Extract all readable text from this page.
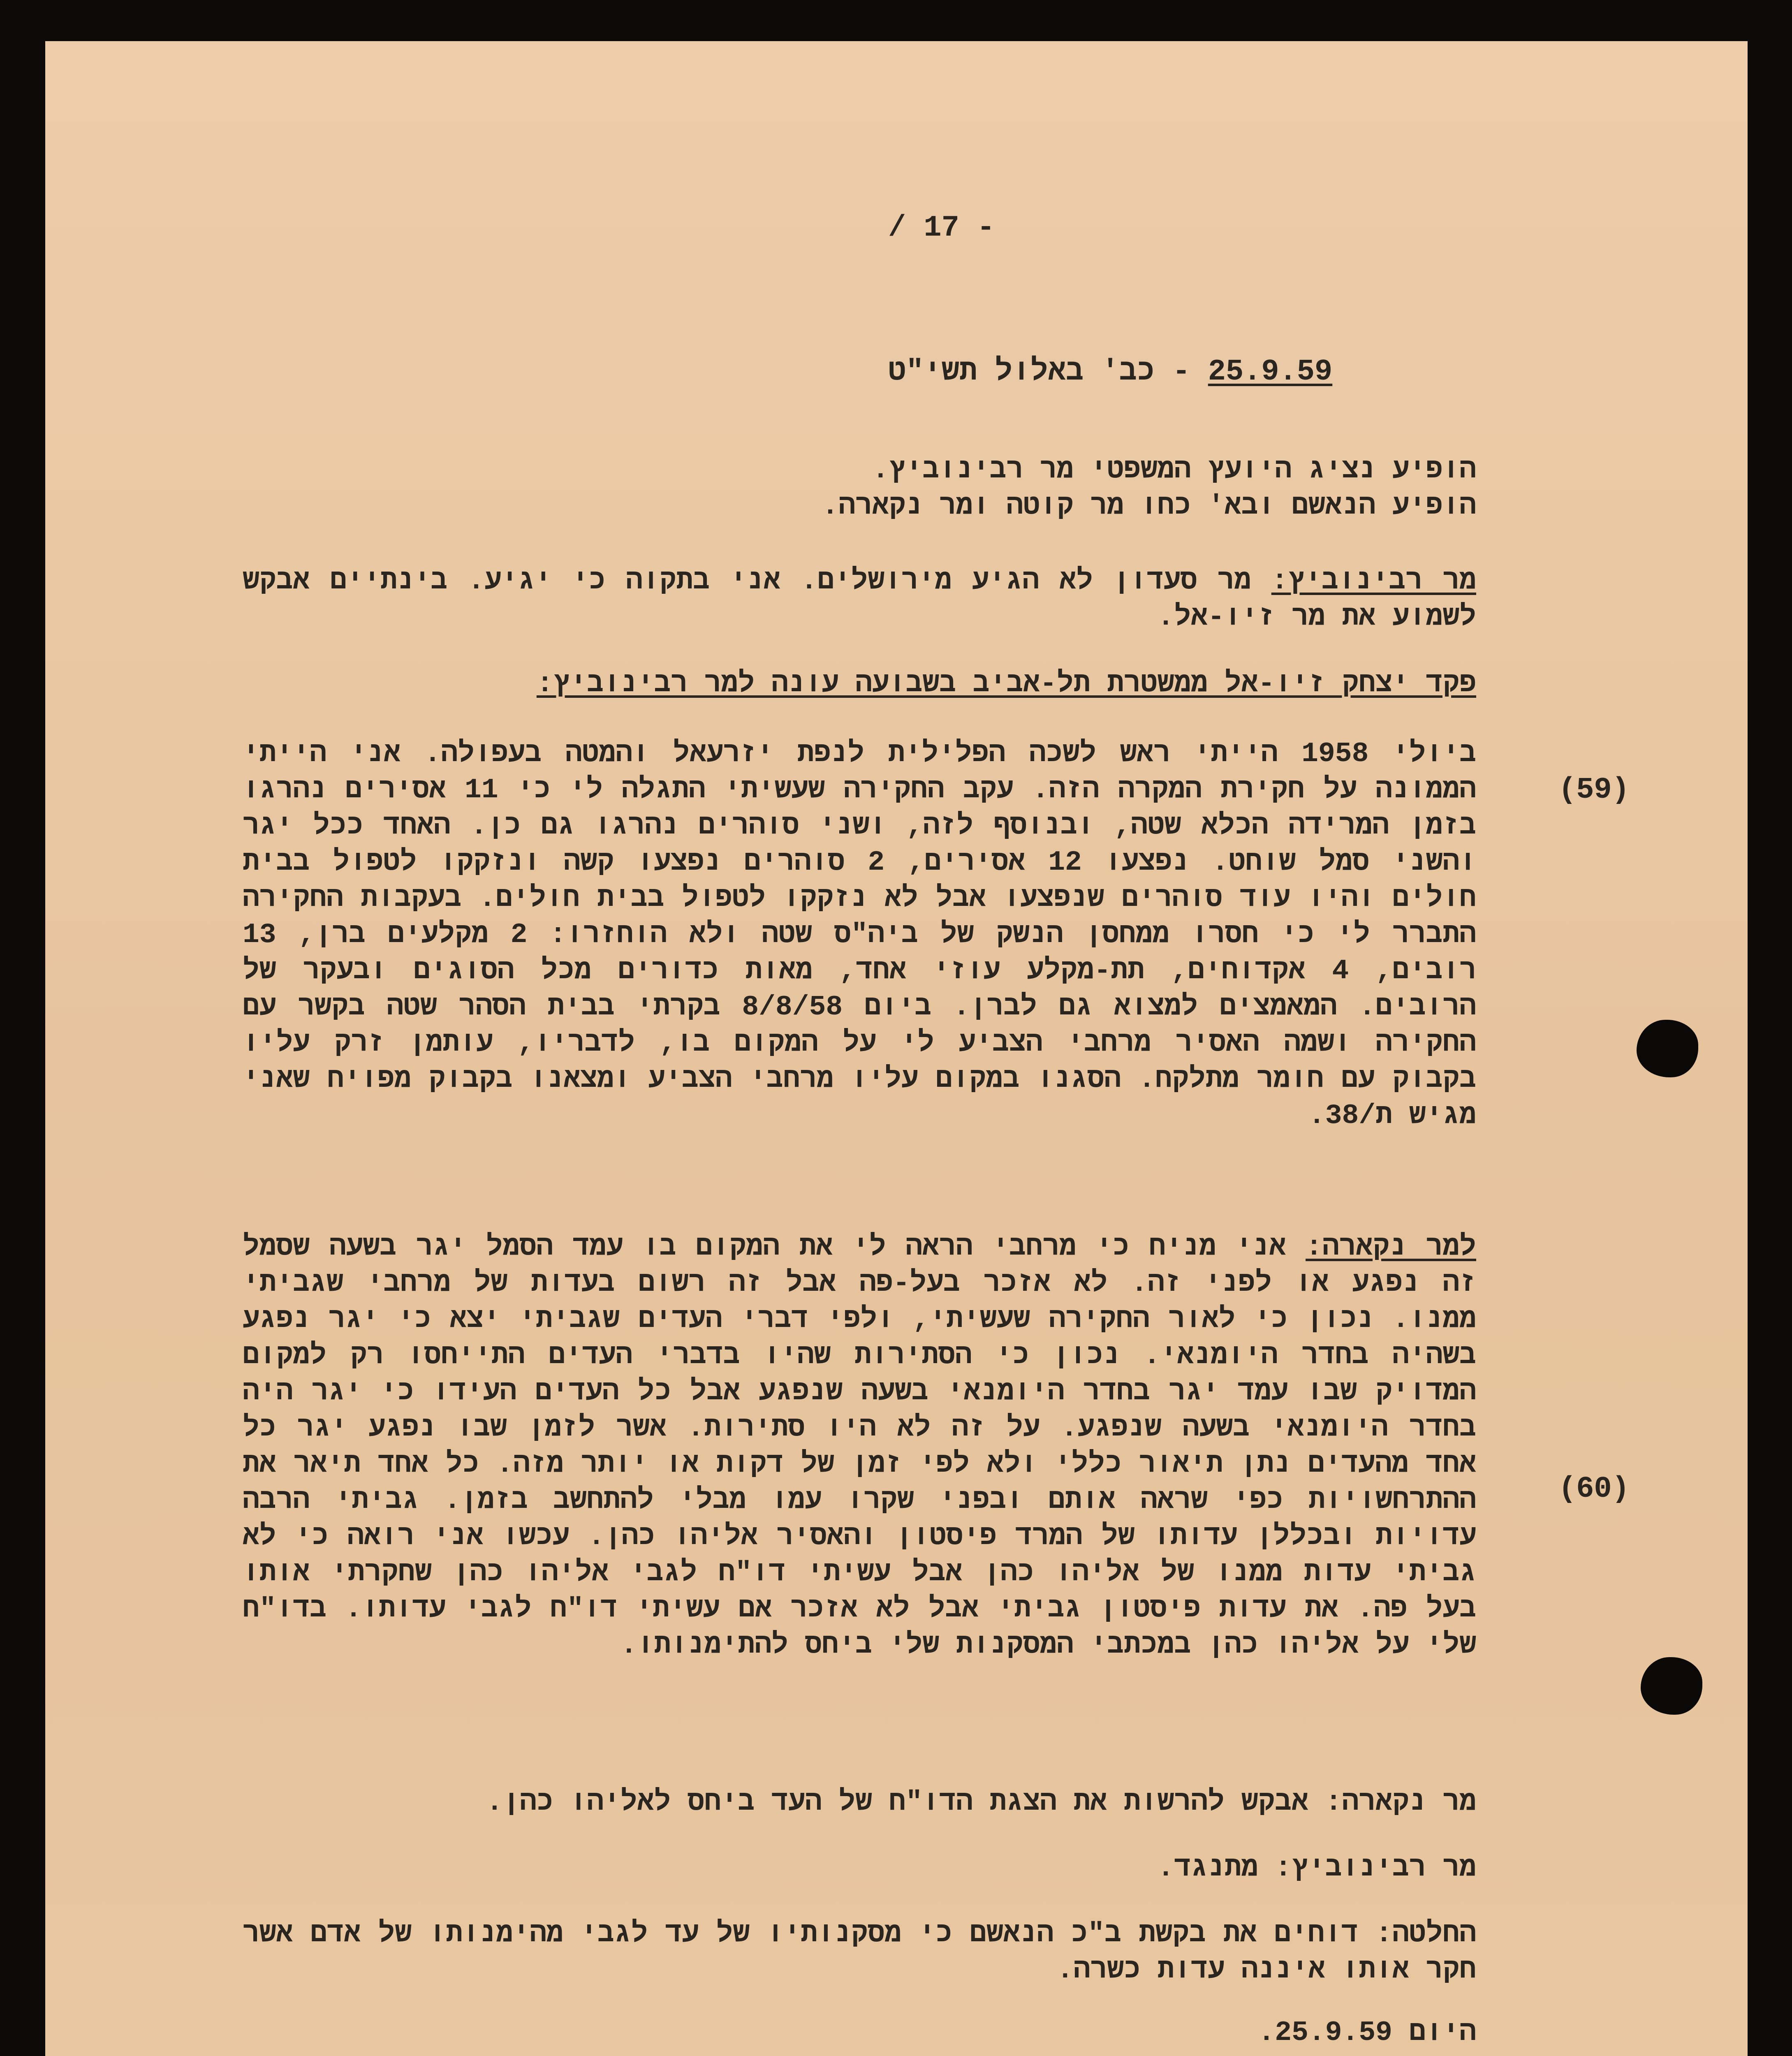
/ 17 -
25.9.59 - כב' באלול תשי"ט
הופיע נציג היועץ המשפטי מר רבינוביץ.
הופיע הנאשם ובא' כחו מר קוטה ומר נקארה.
מר רבינוביץ: מר סעדון לא הגיע מירושלים. אני בתקוה כי יגיע. בינתיים אבקש לשמוע את מר זיו-אל.
פקד יצחק זיו-אל ממשטרת תל-אביב בשבועה עונה למר רבינוביץ:
(59)
ביולי 1958 הייתי ראש לשכה הפלילית לנפת יזרעאל והמטה בעפולה. אני הייתי הממונה על חקירת המקרה הזה. עקב החקירה שעשיתי התגלה לי כי 11 אסירים נהרגו בזמן המרידה הכלא שטה, ובנוסף לזה, ושני סוהרים נהרגו גם כן. האחד ככל יגר והשני סמל שוחט. נפצעו 12 אסירים, 2 סוהרים נפצעו קשה ונזקקו לטפול בבית חולים והיו עוד סוהרים שנפצעו אבל לא נזקקו לטפול בבית חולים. בעקבות החקירה התברר לי כי חסרו ממחסן הנשק של ביה"ס שטה ולא הוחזרו: 2 מקלעים ברן, 13 רובים, 4 אקדוחים, תת-מקלע עוזי אחד, מאות כדורים מכל הסוגים ובעקר של הרובים. המאמצים למצוא גם לברן. ביום 8/8/58 בקרתי בבית הסהר שטה בקשר עם החקירה ושמה האסיר מרחבי הצביע לי על המקום בו, לדבריו, עותמן זרק עליו בקבוק עם חומר מתלקח. הסגנו במקום עליו מרחבי הצביע ומצאנו בקבוק מפויח שאני מגיש ת/38.
(60)
למר נקארה: אני מניח כי מרחבי הראה לי את המקום בו עמד הסמל יגר בשעה שסמל זה נפגע או לפני זה. לא אזכר בעל-פה אבל זה רשום בעדות של מרחבי שגביתי ממנו. נכון כי לאור החקירה שעשיתי, ולפי דברי העדים שגביתי יצא כי יגר נפגע בשהיה בחדר היומנאי. נכון כי הסתירות שהיו בדברי העדים התייחסו רק למקום המדויק שבו עמד יגר בחדר היומנאי בשעה שנפגע אבל כל העדים העידו כי יגר היה בחדר היומנאי בשעה שנפגע. על זה לא היו סתירות. אשר לזמן שבו נפגע יגר כל אחד מהעדים נתן תיאור כללי ולא לפי זמן של דקות או יותר מזה. כל אחד תיאר את ההתרחשויות כפי שראה אותם ובפני שקרו עמו מבלי להתחשב בזמן. גביתי הרבה עדויות ובכללן עדותו של המרד פיסטון והאסיר אליהו כהן. עכשו אני רואה כי לא גביתי עדות ממנו של אליהו כהן אבל עשיתי דו"ח לגבי אליהו כהן שחקרתי אותו בעל פה. את עדות פיסטון גביתי אבל לא אזכר אם עשיתי דו"ח לגבי עדותו. בדו"ח שלי על אליהו כהן במכתבי המסקנות שלי ביחס להתימנותו.
מר נקארה: אבקש להרשות את הצגת הדו"ח של העד ביחס לאליהו כהן.
מר רבינוביץ: מתנגד.
החלטה: דוחים את בקשת ב"כ הנאשם כי מסקנותיו של עד לגבי מהימנותו של אדם אשר חקר אותו איננה עדות כשרה.
היום 25.9.59.
